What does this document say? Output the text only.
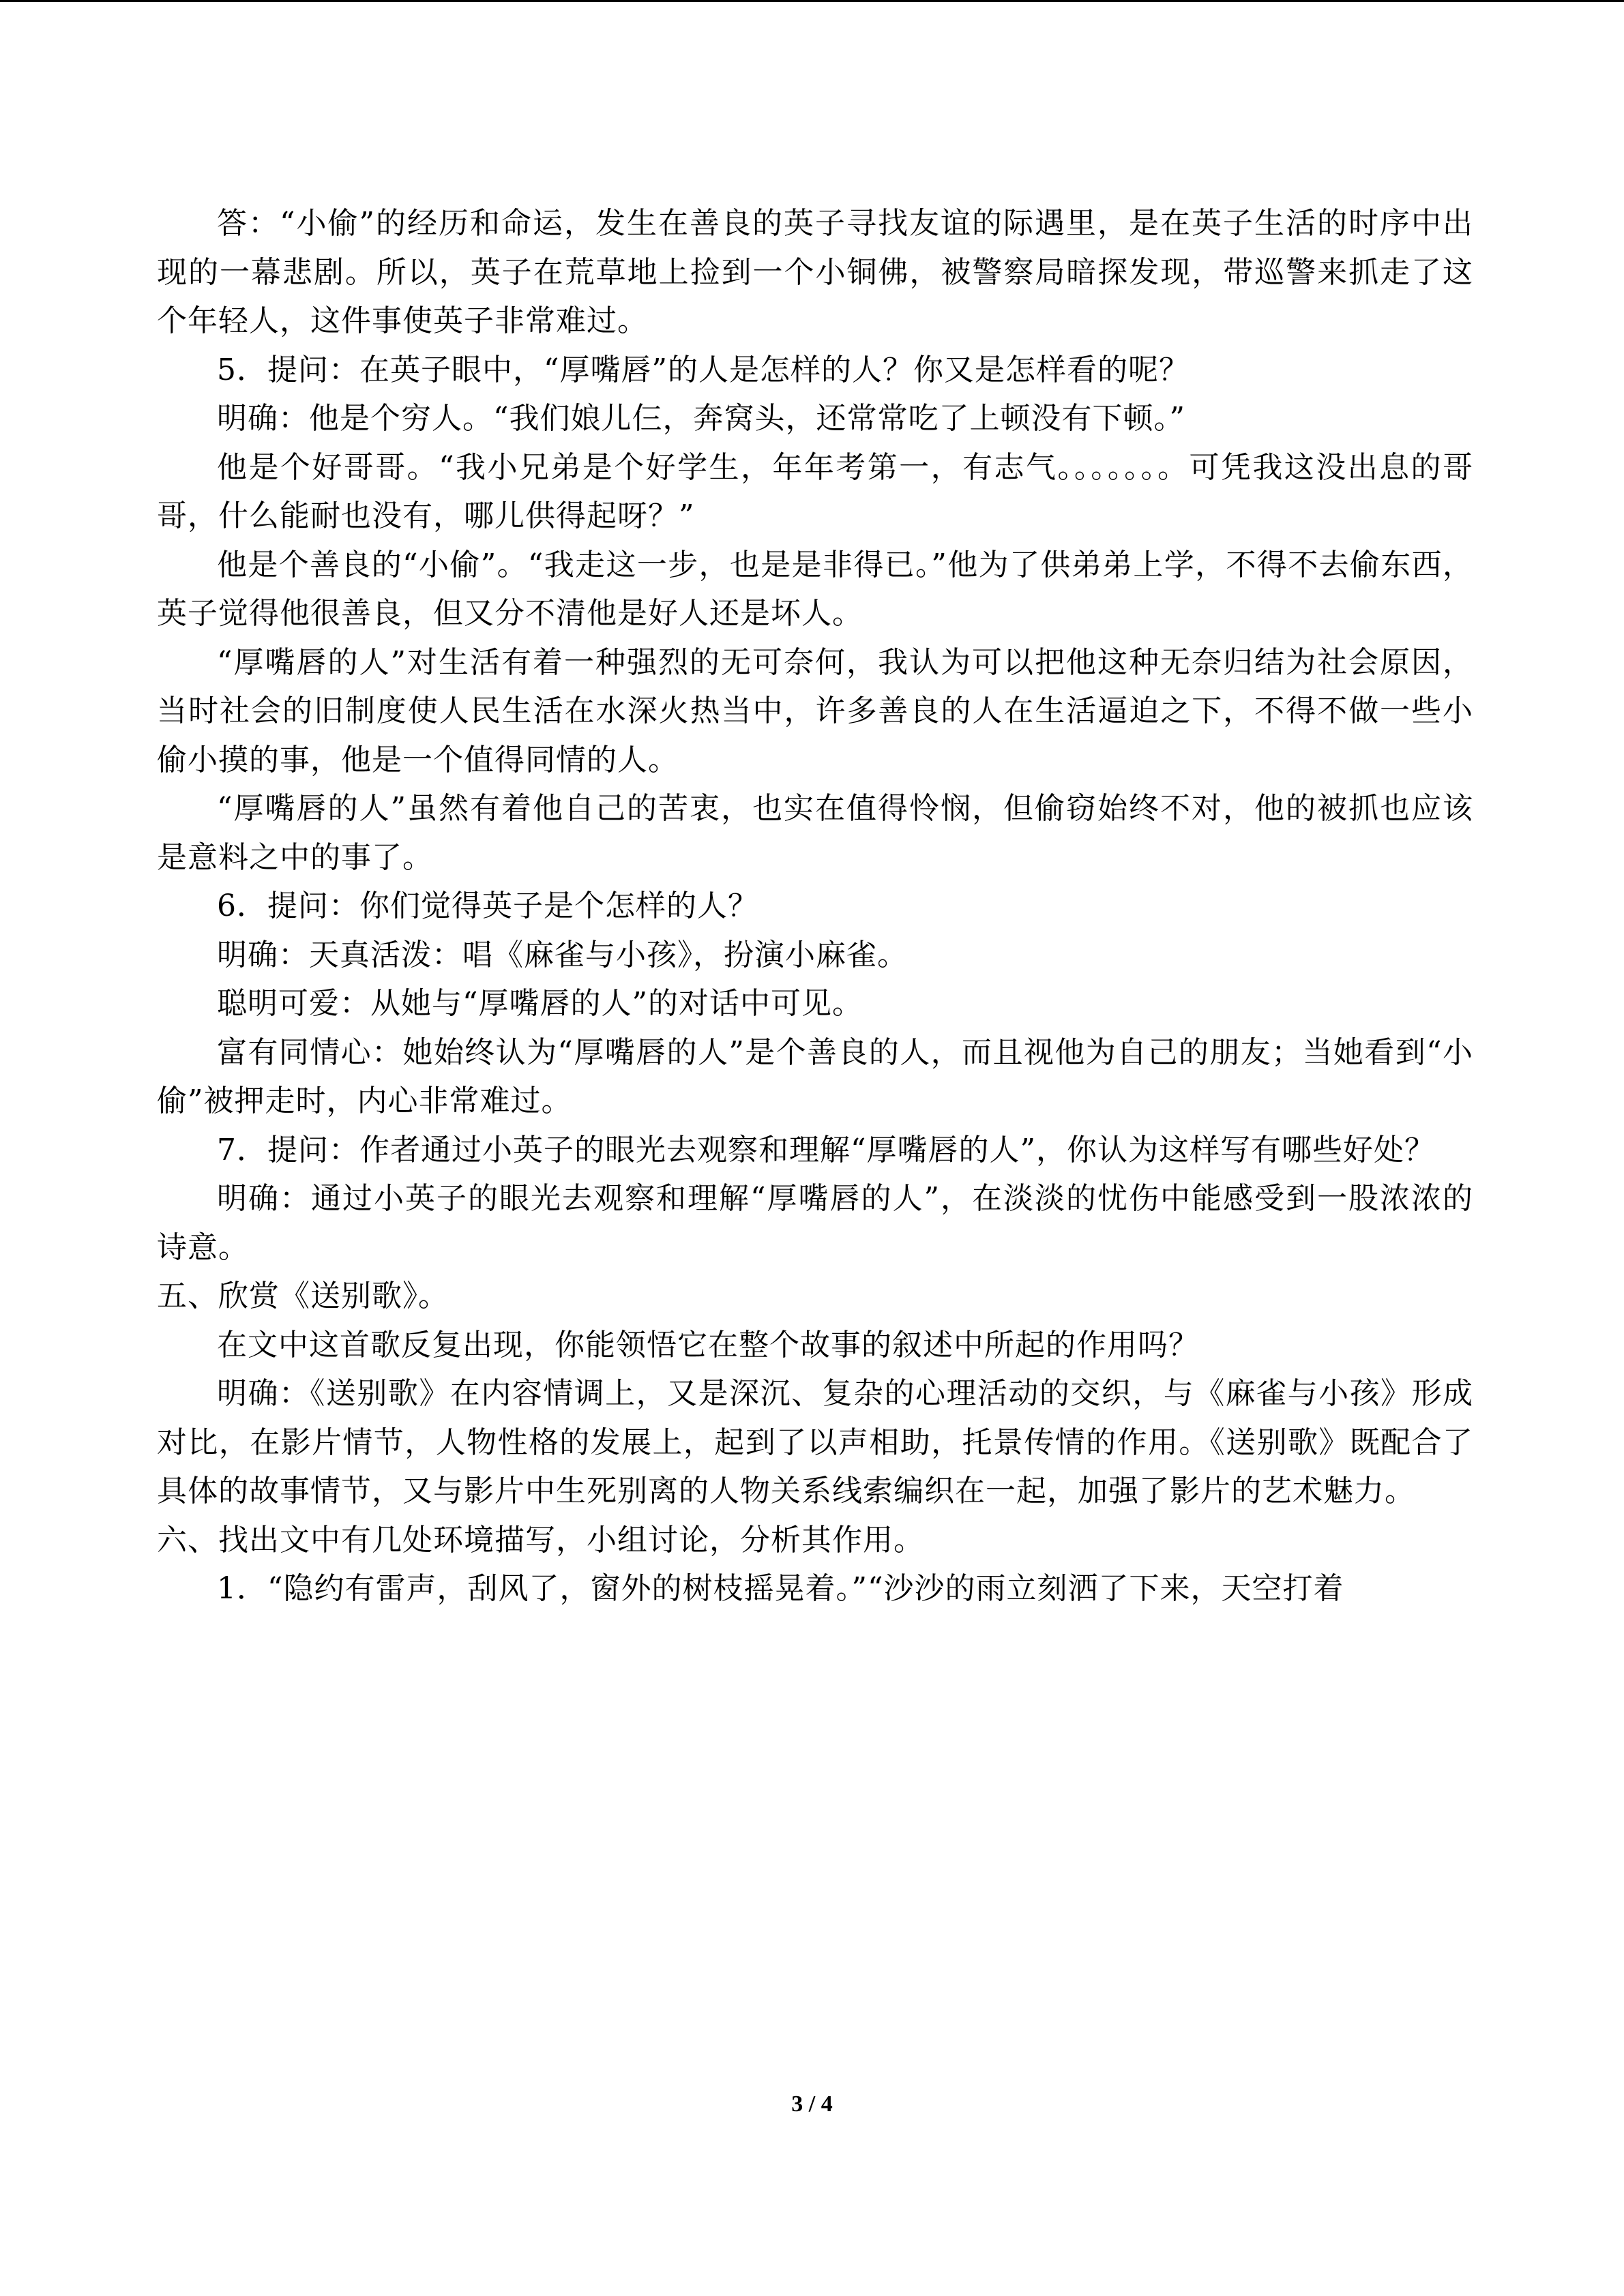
答：“小偷”的经历和命运，发生在善良的英子寻找友谊的际遇里，是在英子生活的时序中出现的一幕悲剧。所以，英子在荒草地上捡到一个小铜佛，被警察局暗探发现，带巡警来抓走了这个年轻人，这件事使英子非常难过。

5．提问：在英子眼中，“厚嘴唇”的人是怎样的人？你又是怎样看的呢？

明确：他是个穷人。“我们娘儿仨，奔窝头，还常常吃了上顿没有下顿。”

他是个好哥哥。“我小兄弟是个好学生，年年考第一，有志气。。。。。。。可凭我这没出息的哥哥，什么能耐也没有，哪儿供得起呀？”

他是个善良的“小偷”。“我走这一步，也是是非得已。”他为了供弟弟上学，不得不去偷东西，英子觉得他很善良，但又分不清他是好人还是坏人。

“厚嘴唇的人”对生活有着一种强烈的无可奈何，我认为可以把他这种无奈归结为社会原因，当时社会的旧制度使人民生活在水深火热当中，许多善良的人在生活逼迫之下，不得不做一些小偷小摸的事，他是一个值得同情的人。

“厚嘴唇的人”虽然有着他自己的苦衷，也实在值得怜悯，但偷窃始终不对，他的被抓也应该是意料之中的事了。

6．提问：你们觉得英子是个怎样的人？

明确：天真活泼：唱《麻雀与小孩》，扮演小麻雀。

聪明可爱：从她与“厚嘴唇的人”的对话中可见。

富有同情心：她始终认为“厚嘴唇的人”是个善良的人，而且视他为自己的朋友；当她看到“小偷”被押走时，内心非常难过。

7．提问：作者通过小英子的眼光去观察和理解“厚嘴唇的人”，你认为这样写有哪些好处？

明确：通过小英子的眼光去观察和理解“厚嘴唇的人”，在淡淡的忧伤中能感受到一股浓浓的诗意。

五、欣赏《送别歌》。

在文中这首歌反复出现，你能领悟它在整个故事的叙述中所起的作用吗？

明确：《送别歌》在内容情调上，又是深沉、复杂的心理活动的交织，与《麻雀与小孩》形成对比，在影片情节，人物性格的发展上，起到了以声相助，托景传情的作用。《送别歌》既配合了具体的故事情节，又与影片中生死别离的人物关系线索编织在一起，加强了影片的艺术魅力。

六、找出文中有几处环境描写，小组讨论，分析其作用。

1．“隐约有雷声，刮风了，窗外的树枝摇晃着。”“沙沙的雨立刻洒了下来，天空打着

3 / 4
